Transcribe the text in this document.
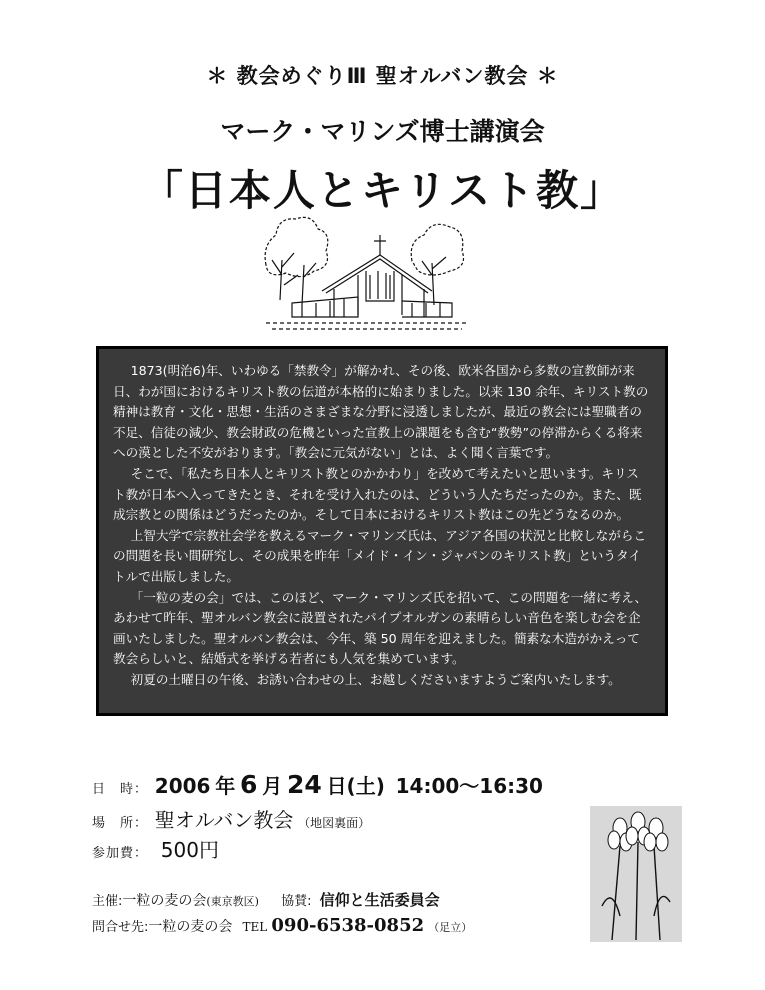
＊ 教会めぐりⅢ 聖オルバン教会 ＊
マーク・マリンズ博士講演会
「日本人とキリスト教」

1873(明治6)年、いわゆる「禁教令」が解かれ、その後、欧米各国から多数の宣教師が来日、わが国におけるキリスト教の伝道が本格的に始まりました。以来 130 余年、キリスト教の精神は教育・文化・思想・生活のさまざまな分野に浸透しましたが、最近の教会には聖職者の不足、信徒の減少、教会財政の危機といった宣教上の課題をも含む“教勢”の停滞からくる将来への漠とした不安がおります。「教会に元気がない」とは、よく聞く言葉です。

そこで、「私たち日本人とキリスト教とのかかわり」を改めて考えたいと思います。キリスト教が日本へ入ってきたとき、それを受け入れたのは、どういう人たちだったのか。また、既成宗教との関係はどうだったのか。そして日本におけるキリスト教はこの先どうなるのか。

上智大学で宗教社会学を教えるマーク・マリンズ氏は、アジア各国の状況と比較しながらこの問題を長い間研究し、その成果を昨年「メイド・イン・ジャパンのキリスト教」というタイトルで出版しました。

「一粒の麦の会」では、このほど、マーク・マリンズ氏を招いて、この問題を一緒に考え、あわせて昨年、聖オルバン教会に設置されたパイプオルガンの素晴らしい音色を楽しむ会を企画いたしました。聖オルバン教会は、今年、築 50 周年を迎えました。簡素な木造がかえって教会らしいと、結婚式を挙げる若者にも人気を集めています。

初夏の土曜日の午後、お誘い合わせの上、お越しくださいますようご案内いたします。

日　時： 2006 年 6 月 24 日(土) 14:00～16:30
場　所： 聖オルバン教会 （地図裏面）
参加費： 500円
主催:一粒の麦の会(東京教区) 協賛: 信仰と生活委員会
問合せ先:一粒の麦の会 TEL 090-6538-0852 （足立）
